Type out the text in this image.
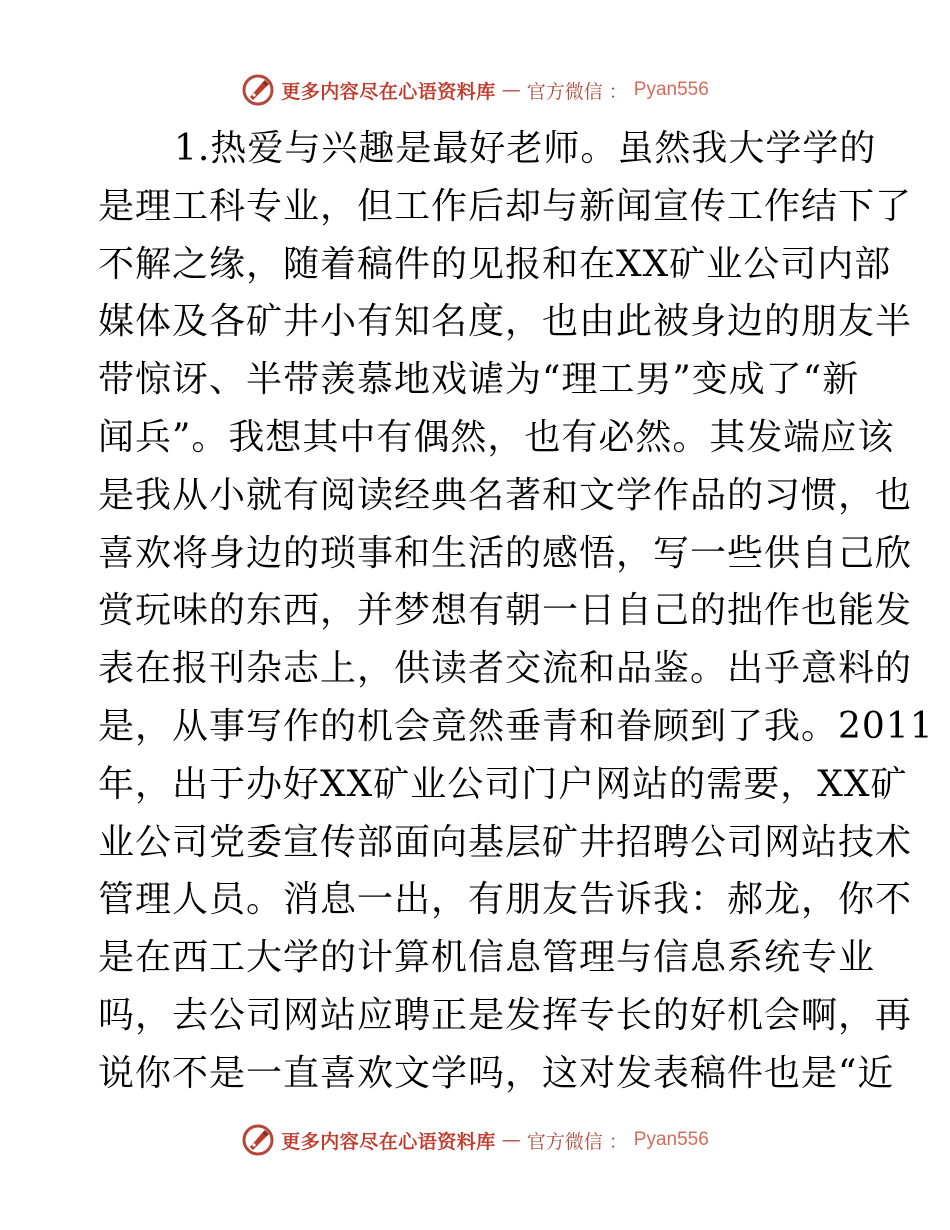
更多内容尽在心语资料库 — 官方微信 ： Pyan556
1.热爱与兴趣是最好老师。虽然我大学学的
是理工科专业，但工作后却与新闻宣传工作结下了
不解之缘，随着稿件的见报和在XX矿业公司内部
媒体及各矿井小有知名度，也由此被身边的朋友半
带惊讶、半带羡慕地戏谑为“理工男”变成了“新
闻兵”。我想其中有偶然，也有必然。其发端应该
是我从小就有阅读经典名著和文学作品的习惯，也
喜欢将身边的琐事和生活的感悟，写一些供自己欣
赏玩味的东西，并梦想有朝一日自己的拙作也能发
表在报刊杂志上，供读者交流和品鉴。出乎意料的
是，从事写作的机会竟然垂青和眷顾到了我。2011
年，出于办好XX矿业公司门户网站的需要，XX矿
业公司党委宣传部面向基层矿井招聘公司网站技术
管理人员。消息一出，有朋友告诉我：郝龙，你不
是在西工大学的计算机信息管理与信息系统专业
吗，去公司网站应聘正是发挥专长的好机会啊，再
说你不是一直喜欢文学吗，这对发表稿件也是“近
更多内容尽在心语资料库 — 官方微信 ： Pyan556
